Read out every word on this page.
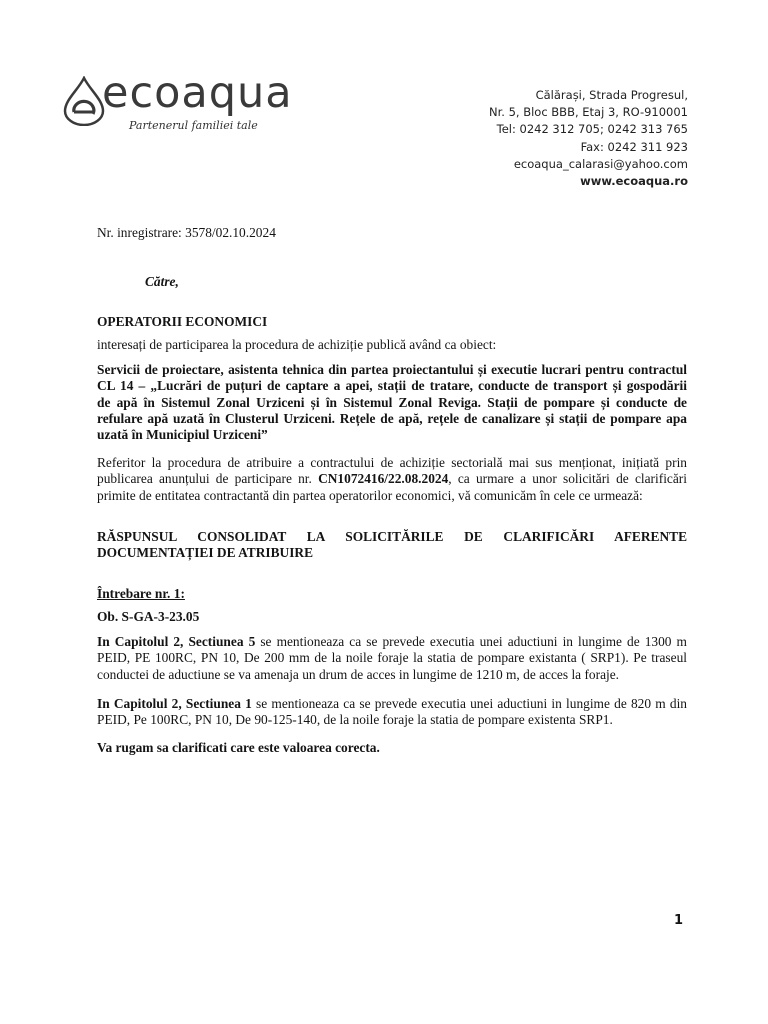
ecoaqua
Partenerul familiei tale
Călărași, Strada Progresul,
Nr. 5, Bloc BBB, Etaj 3, RO-910001
Tel: 0242 312 705; 0242 313 765
Fax: 0242 311 923
ecoaqua_calarasi@yahoo.com
www.ecoaqua.ro
Nr. inregistrare: 3578/02.10.2024
Către,
OPERATORII ECONOMICI
interesați de participarea la procedura de achiziție publică având ca obiect:
Servicii de proiectare, asistenta tehnica din partea proiectantului și executie lucrari pentru contractul
CL 14 – „Lucrări de puțuri de captare a apei, stații de tratare, conducte de transport și gospodării
de apă în Sistemul Zonal Urziceni și în Sistemul Zonal Reviga. Stații de pompare și conducte de
refulare apă uzată în Clusterul Urziceni. Rețele de apă, rețele de canalizare și stații de pompare apa
uzată în Municipiul Urziceni”
Referitor la procedura de atribuire a contractului de achiziție sectorială mai sus menționat, inițiată prin
publicarea anunțului de participare nr. CN1072416/22.08.2024, ca urmare a unor solicitări de clarificări
primite de entitatea contractantă din partea operatorilor economici, vă comunicăm în cele ce urmează:
RĂSPUNSUL CONSOLIDAT LA SOLICITĂRILE DE CLARIFICĂRI AFERENTE
DOCUMENTAȚIEI DE ATRIBUIRE
Întrebare nr. 1:
Ob. S-GA-3-23.05
In Capitolul 2, Sectiunea 5 se mentioneaza ca se prevede executia unei aductiuni in lungime de 1300 m
PEID, PE 100RC, PN 10, De 200 mm de la noile foraje la statia de pompare existanta ( SRP1). Pe traseul
conductei de aductiune se va amenaja un drum de acces in lungime de 1210 m, de acces la foraje.
In Capitolul 2, Sectiunea 1 se mentioneaza ca se prevede executia unei aductiuni in lungime de 820 m din
PEID, Pe 100RC, PN 10, De 90-125-140, de la noile foraje la statia de pompare existenta SRP1.
Va rugam sa clarificati care este valoarea corecta.
1
